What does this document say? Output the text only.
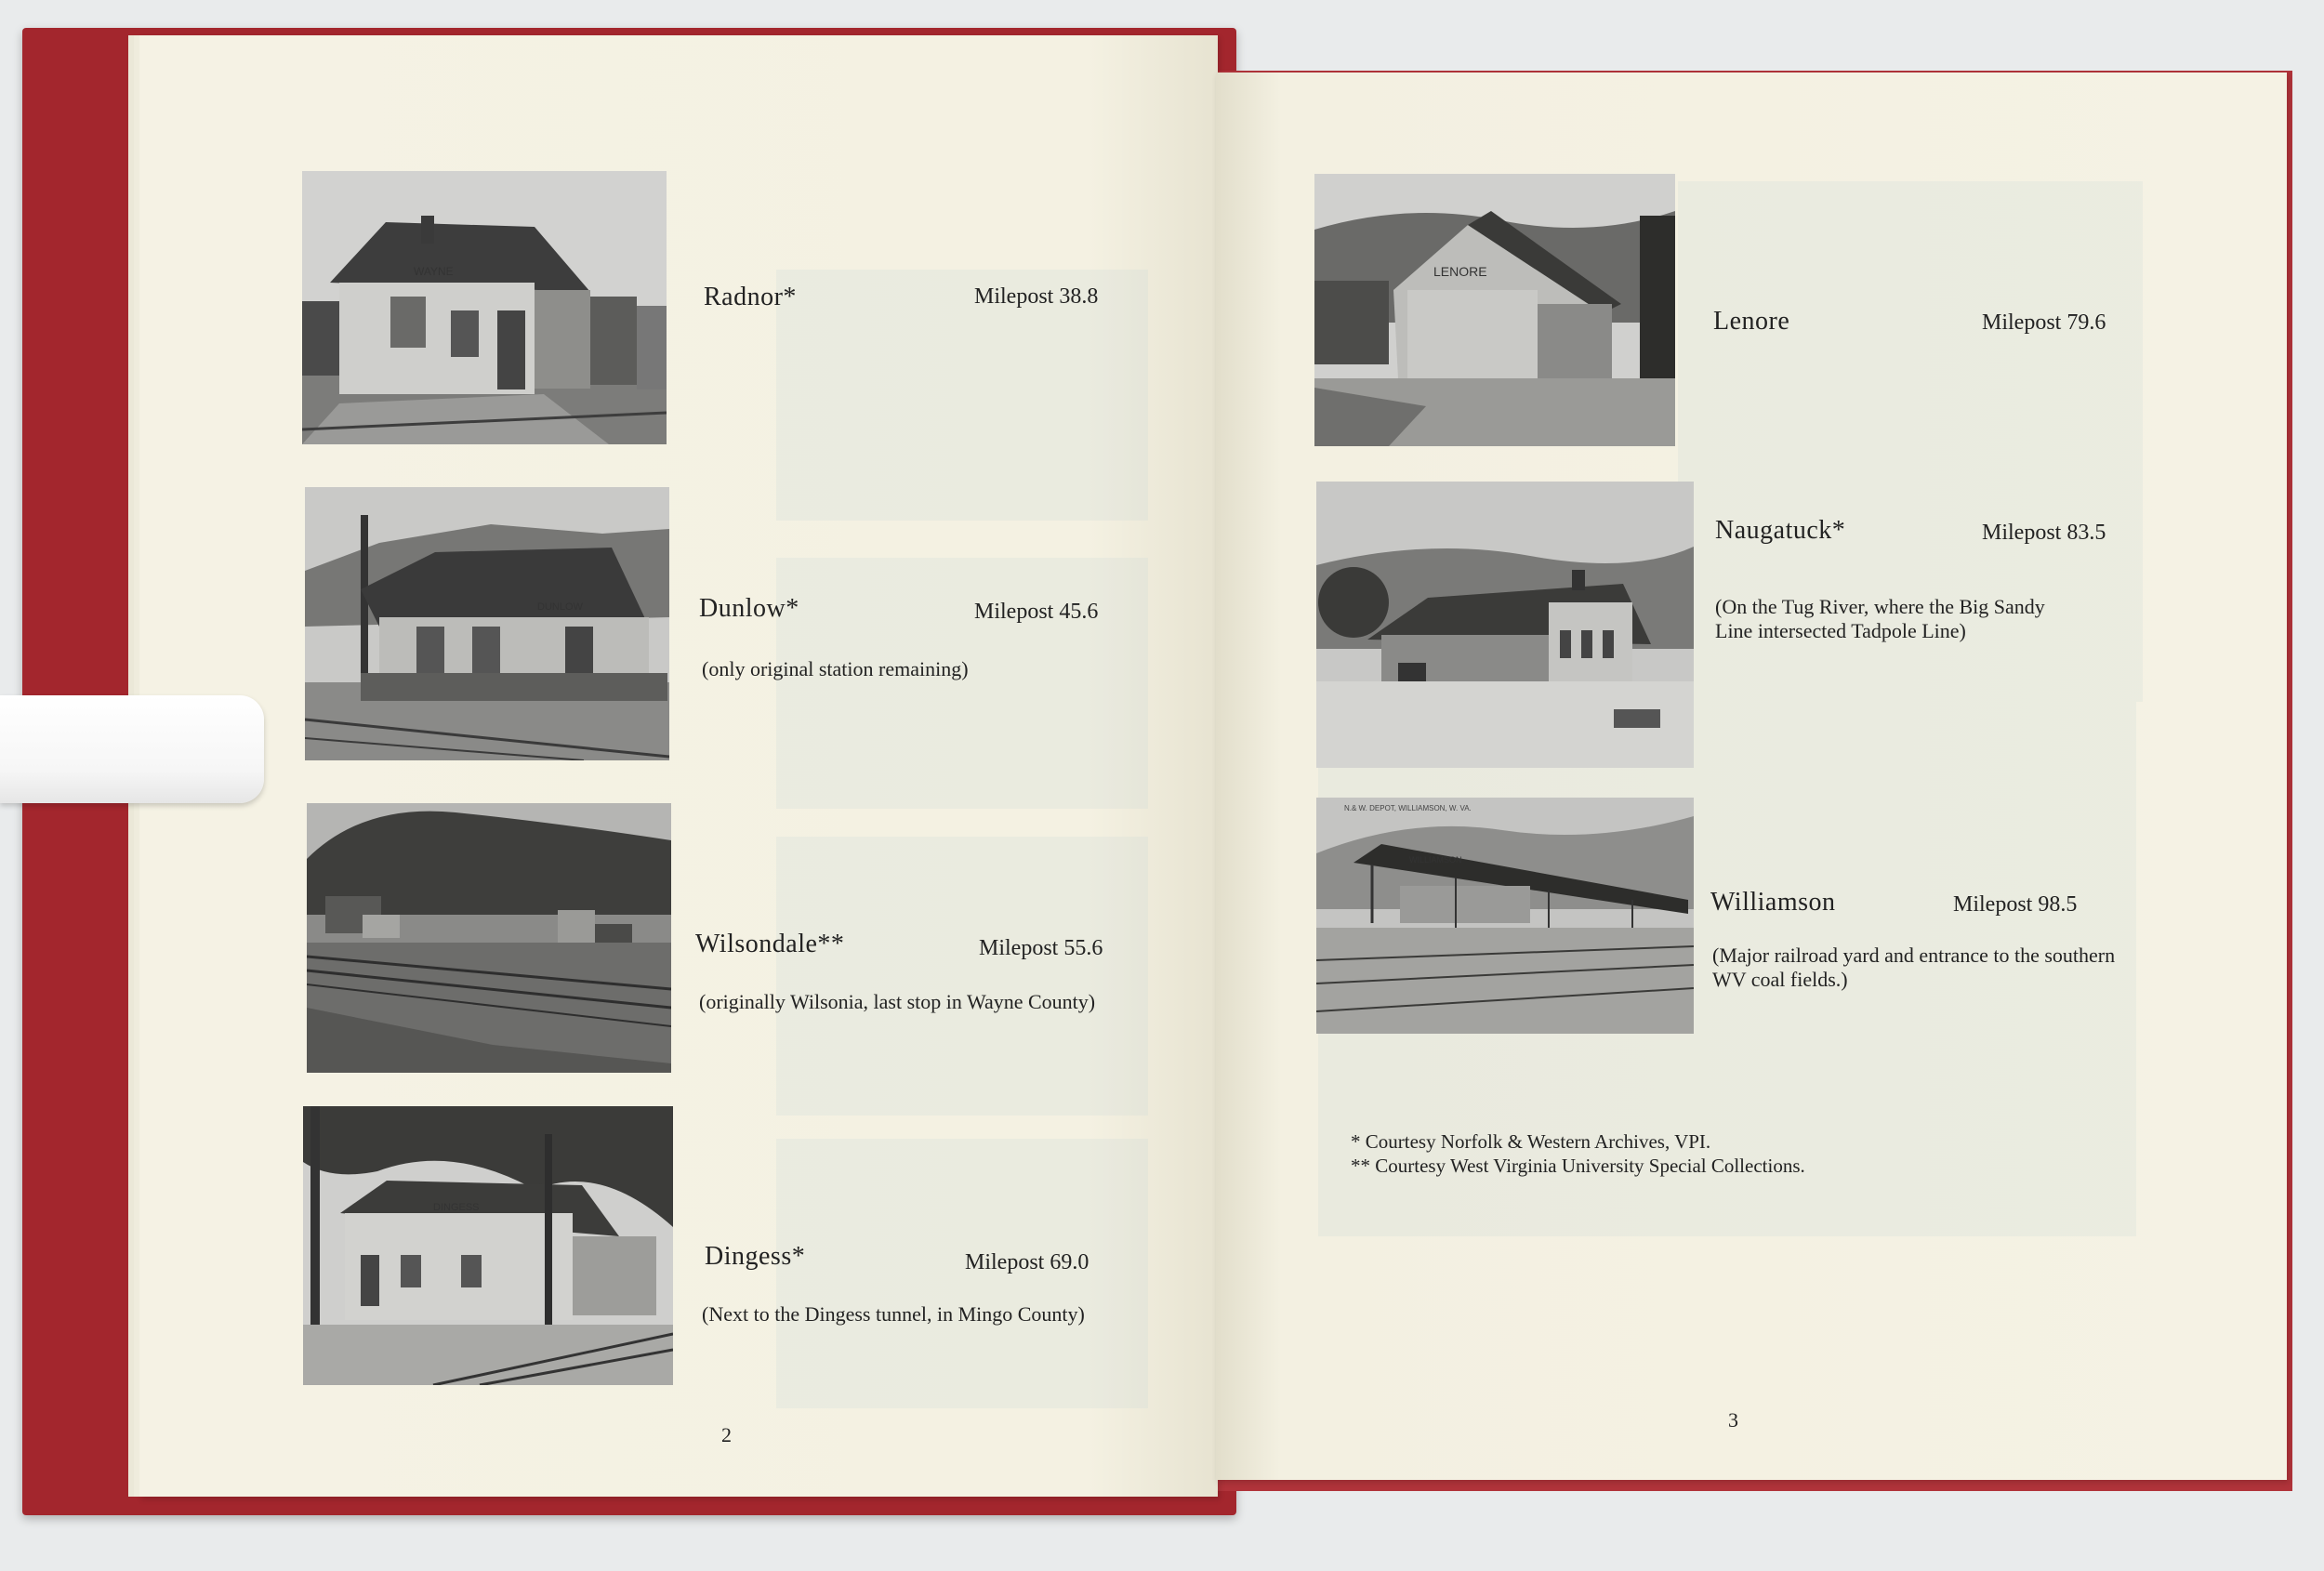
WAYNE
Radnor*	Milepost 38.8
DUNLOW	Dunlow*	Milepost 45.6
(only original station remaining)
Wilsondale**	Milepost 55.6
(originally Wilsonia, last stop in Wayne County)
DINGESS
Dingess*	Milepost 69.0
(Next to the Dingess tunnel, in Mingo County)
2
LENORE
Lenore	Milepost 79.6
Naugatuck*	Milepost 83.5
(On the Tug River, where the Big Sandy
Line intersected Tadpole Line)
N.& W. DEPOT, WILLIAMSON, W. VA.
WILLIAMSON
Williamson	Milepost 98.5
(Major railroad yard and entrance to the southern
WV coal fields.)
* Courtesy Norfolk & Western Archives, VPI.
** Courtesy West Virginia University Special Collections.
3
